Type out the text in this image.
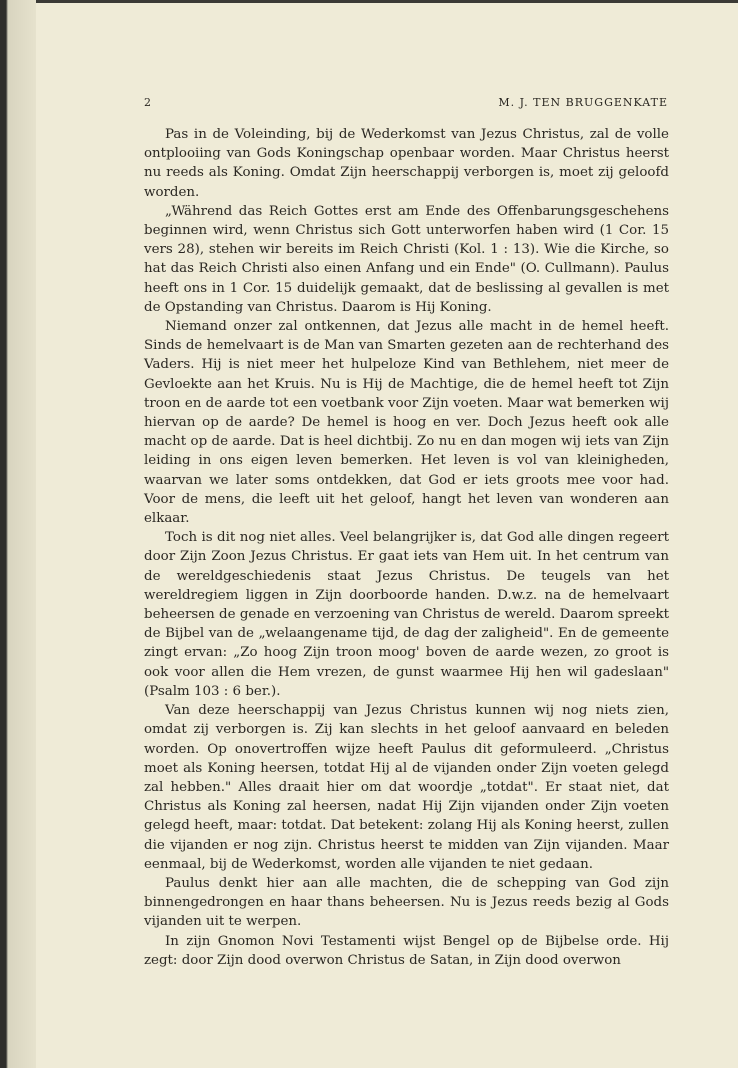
2	M. J. TEN BRUGGENKATE

Pas in de Voleinding, bij de Wederkomst van Jezus Christus, zal de volle ontplooiing van Gods Koningschap openbaar worden. Maar Christus heerst nu reeds als Koning. Omdat Zijn heerschappij verborgen is, moet zij geloofd worden.

„Während das Reich Gottes erst am Ende des Offenbarungsgeschehens beginnen wird, wenn Christus sich Gott unterworfen haben wird (1 Cor. 15 vers 28), stehen wir bereits im Reich Christi (Kol. 1 : 13). Wie die Kirche, so hat das Reich Christi also einen Anfang und ein Ende" (O. Cullmann). Paulus heeft ons in 1 Cor. 15 duidelijk gemaakt, dat de beslissing al gevallen is met de Opstanding van Christus. Daarom is Hij Koning.

Niemand onzer zal ontkennen, dat Jezus alle macht in de hemel heeft. Sinds de hemelvaart is de Man van Smarten gezeten aan de rechterhand des Vaders. Hij is niet meer het hulpeloze Kind van Bethlehem, niet meer de Gevloekte aan het Kruis. Nu is Hij de Machtige, die de hemel heeft tot Zijn troon en de aarde tot een voetbank voor Zijn voeten. Maar wat bemerken wij hiervan op de aarde? De hemel is hoog en ver. Doch Jezus heeft ook alle macht op de aarde. Dat is heel dichtbij. Zo nu en dan mogen wij iets van Zijn leiding in ons eigen leven bemerken. Het leven is vol van kleinigheden, waarvan we later soms ontdekken, dat God er iets groots mee voor had. Voor de mens, die leeft uit het geloof, hangt het leven van wonderen aan elkaar.

Toch is dit nog niet alles. Veel belangrijker is, dat God alle dingen regeert door Zijn Zoon Jezus Christus. Er gaat iets van Hem uit. In het centrum van de wereldgeschiedenis staat Jezus Christus. De teugels van het wereldregiem liggen in Zijn doorboorde handen. D.w.z. na de hemelvaart beheersen de genade en verzoening van Christus de wereld. Daarom spreekt de Bijbel van de „welaangename tijd, de dag der zaligheid". En de gemeente zingt ervan: „Zo hoog Zijn troon moog' boven de aarde wezen, zo groot is ook voor allen die Hem vrezen, de gunst waarmee Hij hen wil gadeslaan" (Psalm 103 : 6 ber.).

Van deze heerschappij van Jezus Christus kunnen wij nog niets zien, omdat zij verborgen is. Zij kan slechts in het geloof aanvaard en beleden worden. Op onovertroffen wijze heeft Paulus dit geformuleerd. „Christus moet als Koning heersen, totdat Hij al de vijanden onder Zijn voeten gelegd zal hebben." Alles draait hier om dat woordje „totdat". Er staat niet, dat Christus als Koning zal heersen, nadat Hij Zijn vijanden onder Zijn voeten gelegd heeft, maar: totdat. Dat betekent: zolang Hij als Koning heerst, zullen die vijanden er nog zijn. Christus heerst te midden van Zijn vijanden. Maar eenmaal, bij de Wederkomst, worden alle vijanden te niet gedaan.

Paulus denkt hier aan alle machten, die de schepping van God zijn binnengedrongen en haar thans beheersen. Nu is Jezus reeds bezig al Gods vijanden uit te werpen.

In zijn Gnomon Novi Testamenti wijst Bengel op de Bijbelse orde. Hij zegt: door Zijn dood overwon Christus de Satan, in Zijn dood overwon
